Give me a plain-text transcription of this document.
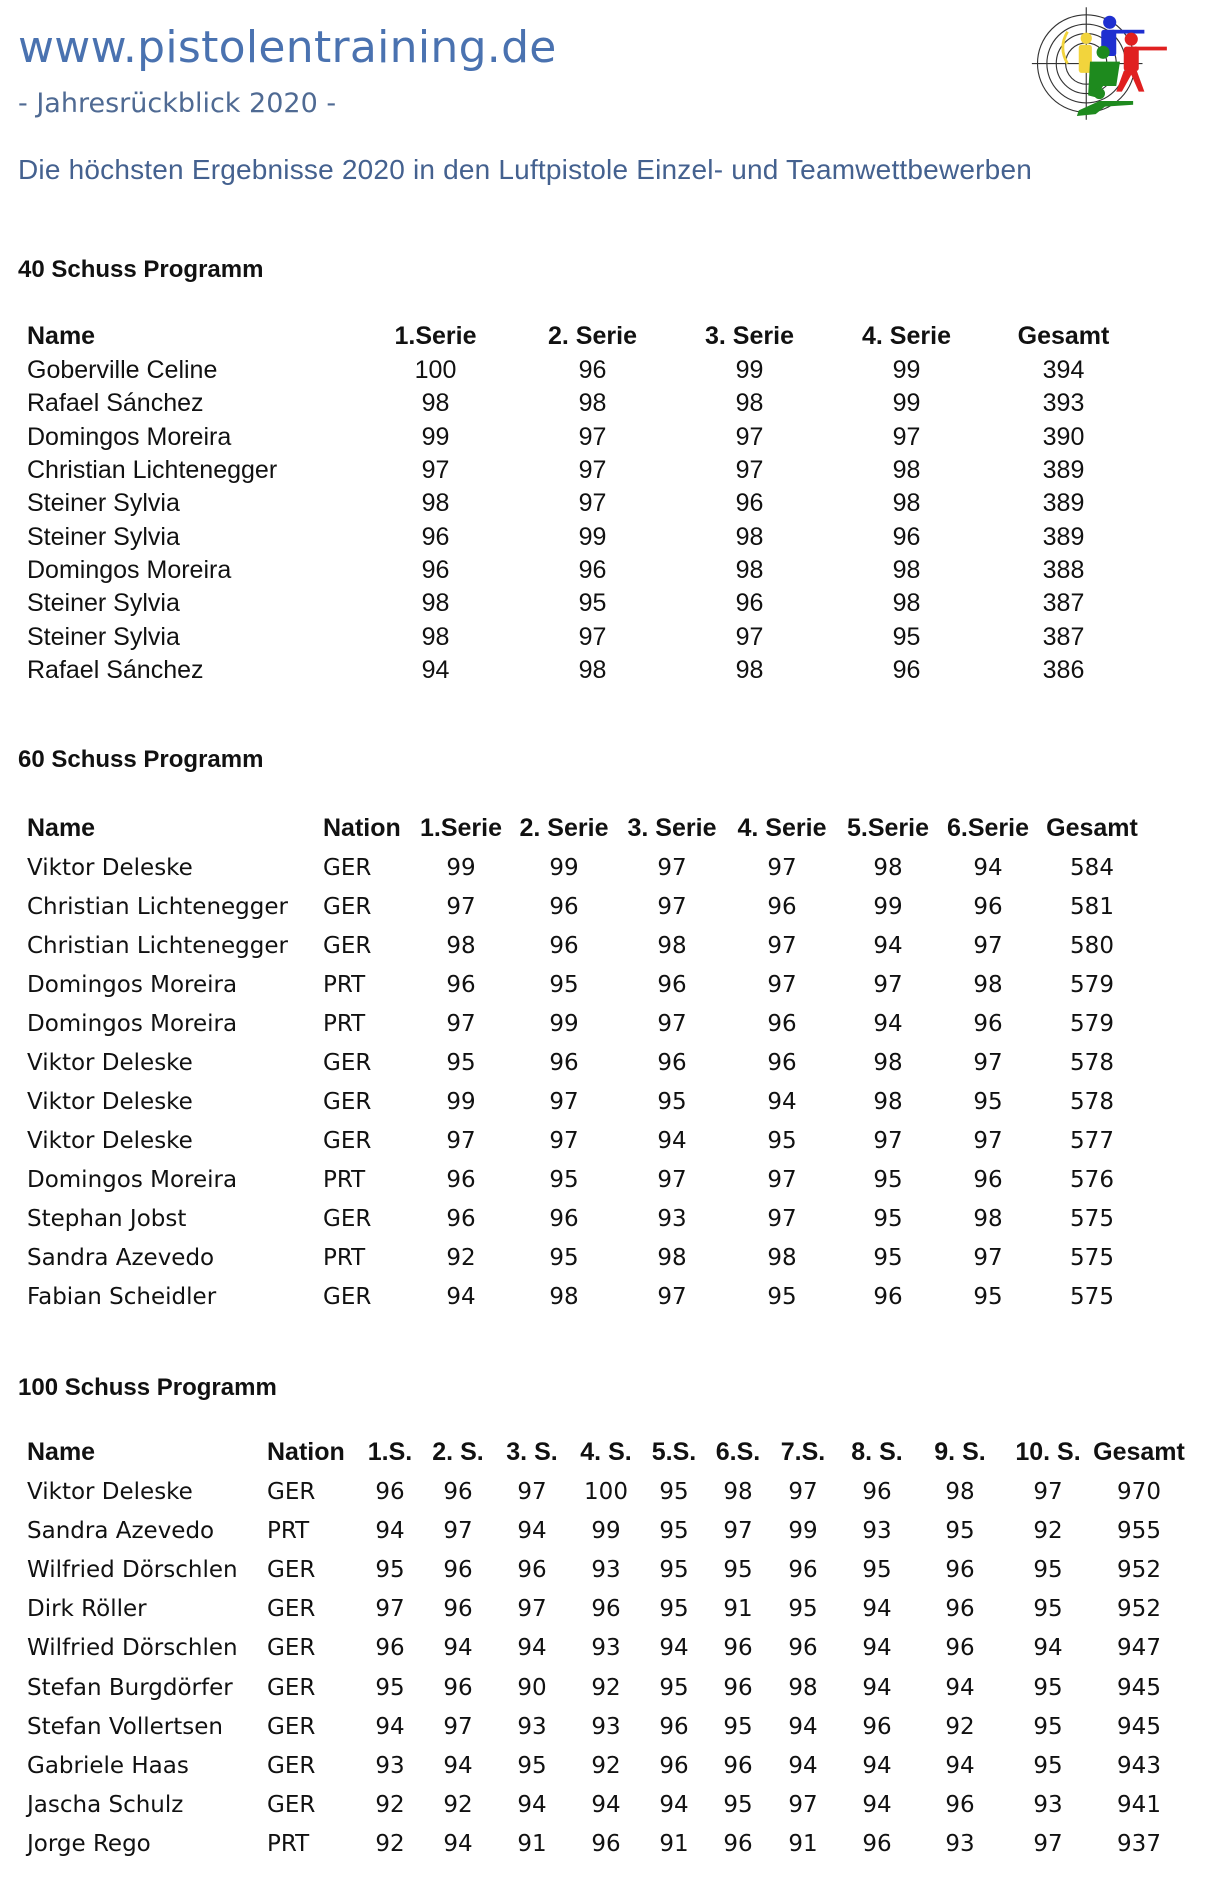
www.pistolentraining.de
- Jahresrückblick 2020 -
Die höchsten Ergebnisse 2020 in den Luftpistole Einzel- und Teamwettbewerben
40 Schuss Programm
Name	1.Serie	2. Serie	3. Serie	4. Serie	Gesamt
Goberville Celine	100	96	99	99	394
Rafael Sánchez	98	98	98	99	393
Domingos Moreira	99	97	97	97	390
Christian Lichtenegger	97	97	97	98	389
Steiner Sylvia	98	97	96	98	389
Steiner Sylvia	96	99	98	96	389
Domingos Moreira	96	96	98	98	388
Steiner Sylvia	98	95	96	98	387
Steiner Sylvia	98	97	97	95	387
Rafael Sánchez	94	98	98	96	386
60 Schuss Programm
Name	Nation	1.Serie	2. Serie	3. Serie	4. Serie	5.Serie	6.Serie	Gesamt
Viktor Deleske	GER	99	99	97	97	98	94	584
Christian Lichtenegger	GER	97	96	97	96	99	96	581
Christian Lichtenegger	GER	98	96	98	97	94	97	580
Domingos Moreira	PRT	96	95	96	97	97	98	579
Domingos Moreira	PRT	97	99	97	96	94	96	579
Viktor Deleske	GER	95	96	96	96	98	97	578
Viktor Deleske	GER	99	97	95	94	98	95	578
Viktor Deleske	GER	97	97	94	95	97	97	577
Domingos Moreira	PRT	96	95	97	97	95	96	576
Stephan Jobst	GER	96	96	93	97	95	98	575
Sandra Azevedo	PRT	92	95	98	98	95	97	575
Fabian Scheidler	GER	94	98	97	95	96	95	575
100 Schuss Programm
Name	Nation	1.S.	2. S.	3. S.	4. S.	5.S.	6.S.	7.S.	8. S.	9. S.	10. S.	Gesamt
Viktor Deleske	GER	96	96	97	100	95	98	97	96	98	97	970
Sandra Azevedo	PRT	94	97	94	99	95	97	99	93	95	92	955
Wilfried Dörschlen	GER	95	96	96	93	95	95	96	95	96	95	952
Dirk Röller	GER	97	96	97	96	95	91	95	94	96	95	952
Wilfried Dörschlen	GER	96	94	94	93	94	96	96	94	96	94	947
Stefan Burgdörfer	GER	95	96	90	92	95	96	98	94	94	95	945
Stefan Vollertsen	GER	94	97	93	93	96	95	94	96	92	95	945
Gabriele Haas	GER	93	94	95	92	96	96	94	94	94	95	943
Jascha Schulz	GER	92	92	94	94	94	95	97	94	96	93	941
Jorge Rego	PRT	92	94	91	96	91	96	91	96	93	97	937
